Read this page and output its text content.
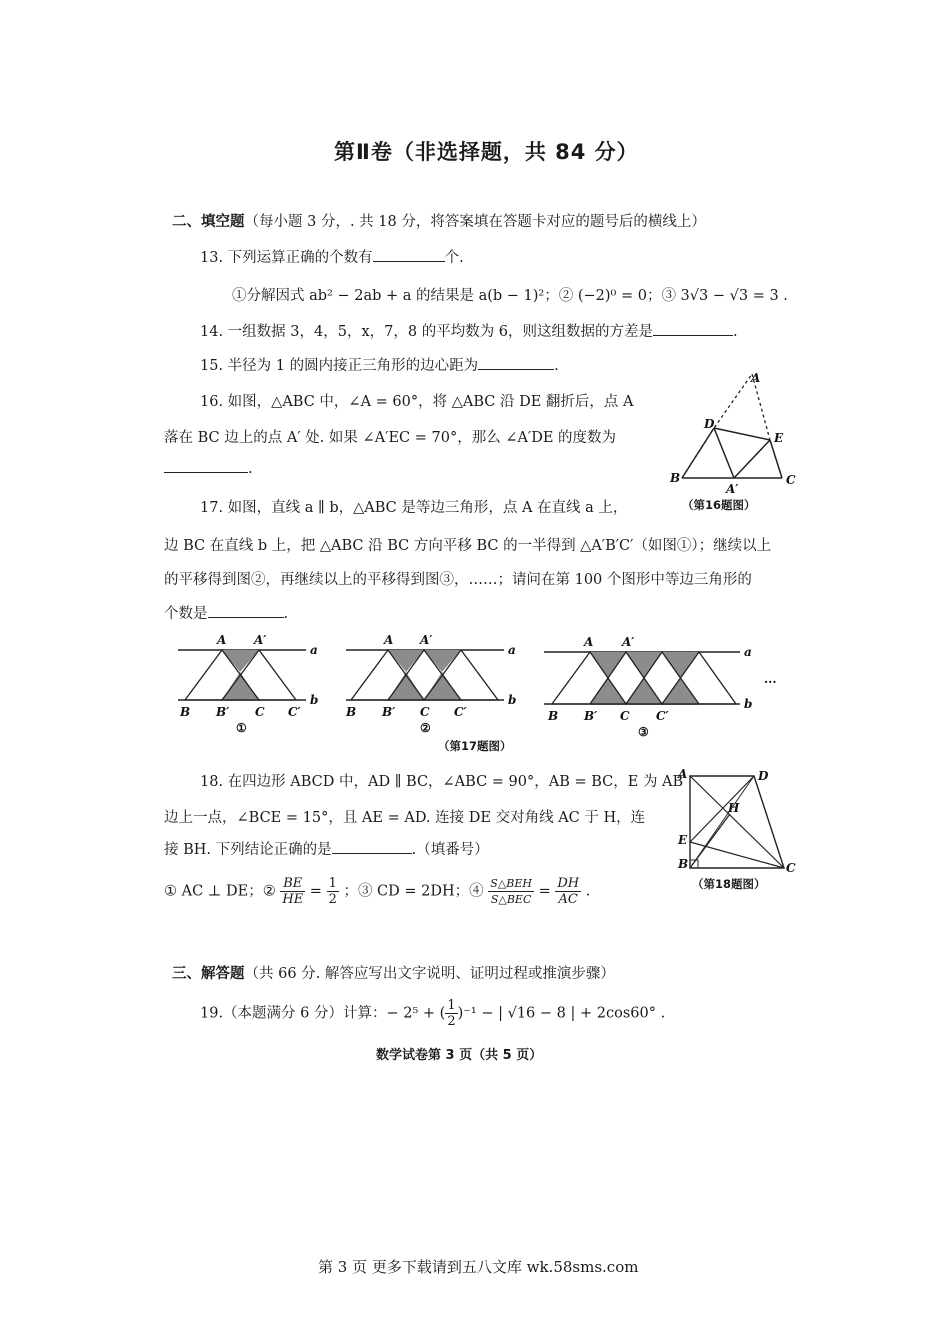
第Ⅱ卷（非选择题，共 84 分）
二、填空题（每小题 3 分，. 共 18 分，将答案填在答题卡对应的题号后的横线上）
13. 下列运算正确的个数有	个.
①分解因式 ab² − 2ab + a 的结果是 a(b − 1)²；② (−2)⁰ = 0；③ 3√3 − √3 = 3 .
14. 一组数据 3，4，5，x，7，8 的平均数为 6，则这组数据的方差是	.
15. 半径为 1 的圆内接正三角形的边心距为	.
16. 如图，△ABC 中，∠A = 60°，将 △ABC 沿 DE 翻折后，点 A
落在 BC 边上的点 A′ 处. 如果 ∠A′EC = 70°，那么 ∠A′DE 的度数为
.
A
D
E
B	C
A′
（第16题图）
17. 如图，直线 a ∥ b，△ABC 是等边三角形，点 A 在直线 a 上，
边 BC 在直线 b 上，把 △ABC 沿 BC 方向平移 BC 的一半得到 △A′B′C′（如图①）；继续以上
的平移得到图②，再继续以上的平移得到图③，……；请问在第 100 个图形中等边三角形的
个数是	.
A A′
a
b
B B′ C C′
①
A A′
a
b
B B′ C C′
②
A A′
a
b
B B′ C C′
③
···
（第17题图）
18. 在四边形 ABCD 中，AD ∥ BC，∠ABC = 90°，AB = BC，E 为 AB
边上一点，∠BCE = 15°，且 AE = AD. 连接 DE 交对角线 AC 于 H，连
接 BH. 下列结论正确的是	.（填番号）
① AC ⊥ DE；② $\frac{BE}{HE} = \frac{1}{2}$ ；③ CD = 2DH；④ $\frac{\text{S△BEH}}{\text{S△BEC}} = \frac{DH}{AC}$ .
A	D
H
E
B	C
（第18题图）
三、解答题（共 66 分. 解答应写出文字说明、证明过程或推演步骤）
19.（本题满分 6 分）计算：− 2⁵ + ( $\frac{1}{2} )^{-1}$ − | √16 − 8 | + 2cos60° .
数学试卷第 3 页（共 5 页）
第 3 页 更多下载请到五八文库 wk.58sms.com
